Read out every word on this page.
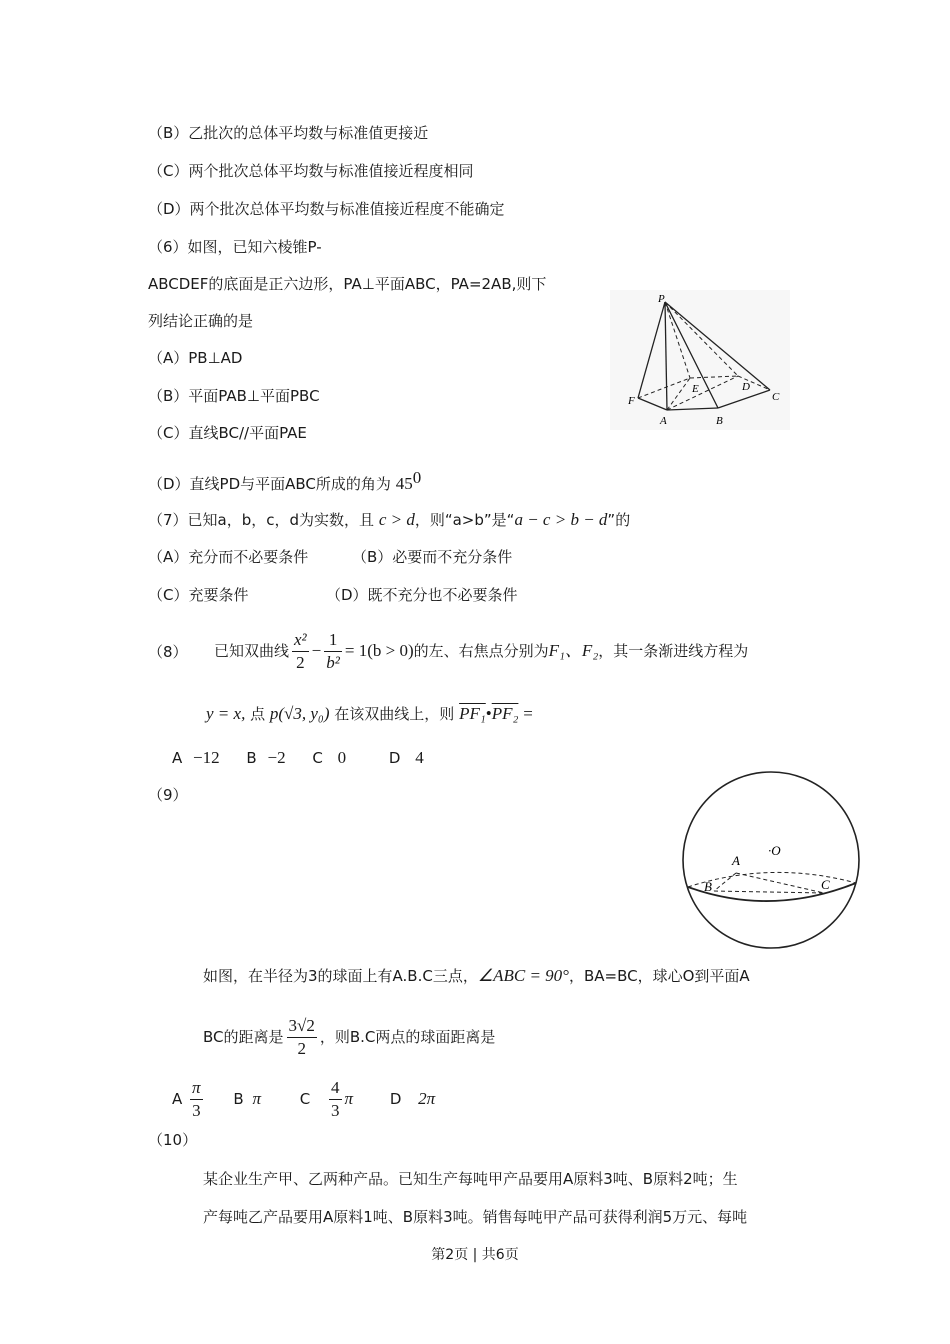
（B）乙批次的总体平均数与标准值更接近
（C）两个批次总体平均数与标准值接近程度相同
（D）两个批次总体平均数与标准值接近程度不能确定
（6）如图，已知六棱锥P-
ABCDEF的底面是正六边形，PA⊥平面ABC，PA=2AB,则下
列结论正确的是
（A）PB⊥AD
（B）平面PAB⊥平面PBC
（C）直线BC//平面PAE
（D）直线PD与平面ABC所成的角为 $45^0$
P
A	B
C
D
E
F
（7）已知a，b，c，d为实数，且 c > d，则“a>b”是“a − c > b − d”的
（A）充分而不必要条件	（B）必要而不充分条件
（C）充要条件	（D）既不充分也不必要条件
（8） 已知双曲线 $\frac{\text{x²}}{2} - \frac{1}{\text{b²}} = 1(b > 0)$的左、右焦点分别为F₁、F₂，其一条渐进线方程为
y = x, 点 p(√3, y₀) 在该双曲线上，则 PF₁•PF₂ =
A −12 B −2 C 0	D 4
（9）
A
·O
B	C
如图，在半径为3的球面上有A.B.C三点，∠ABC = 90°，BA=BC，球心O到平面A
BC的距离是 $\frac{3√2}{2}$ ，则B.C两点的球面距离是
A $\frac{\pi}{3}$ B π	C $\frac{4}{3}$ π D 2π
（10）
某企业生产甲、乙两种产品。已知生产每吨甲产品要用A原料3吨、B原料2吨；生
产每吨乙产品要用A原料1吨、B原料3吨。销售每吨甲产品可获得利润5万元、每吨
第2页 | 共6页
